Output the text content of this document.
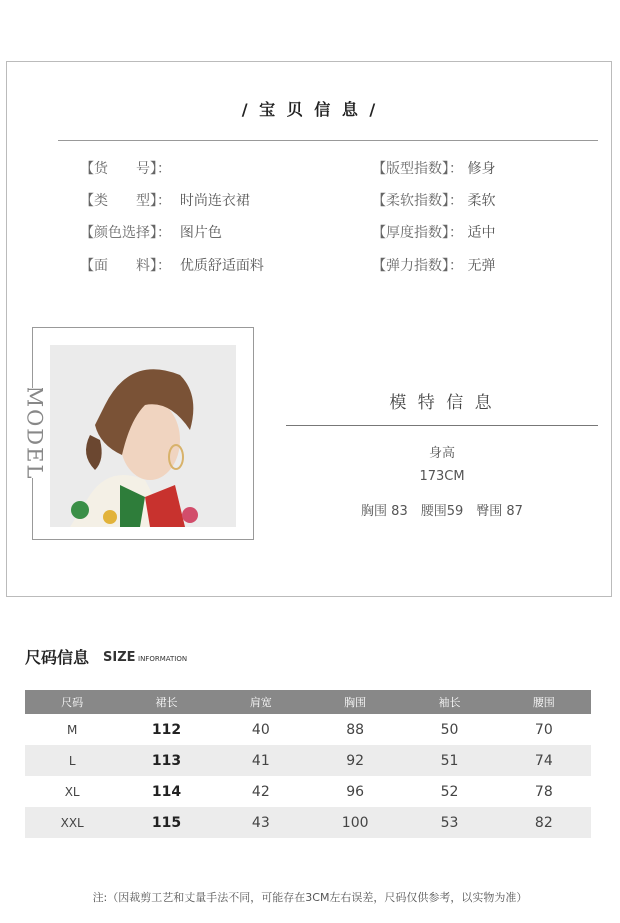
/ 宝 贝 信 息 /
【货　　号】：	【版型指数】： 修身
【类　　型】： 时尚连衣裙	【柔软指数】： 柔软
【颜色选择】： 图片色	【厚度指数】： 适中
【面　　料】： 优质舒适面料	【弹力指数】： 无弹
MODEL	模 特 信 息
身高
173CM
胸围 83　腰围59　臀围 87
尺码信息 SIZE INFORMATION
尺码	裙长	肩宽	胸围	袖长	腰围
M	112	40	88	50	70
L	113	41	92	51	74
XL	114	42	96	52	78
XXL	115	43	100	53	82
注:（因裁剪工艺和丈量手法不同，可能存在3CM左右误差，尺码仅供参考，以实物为准）
